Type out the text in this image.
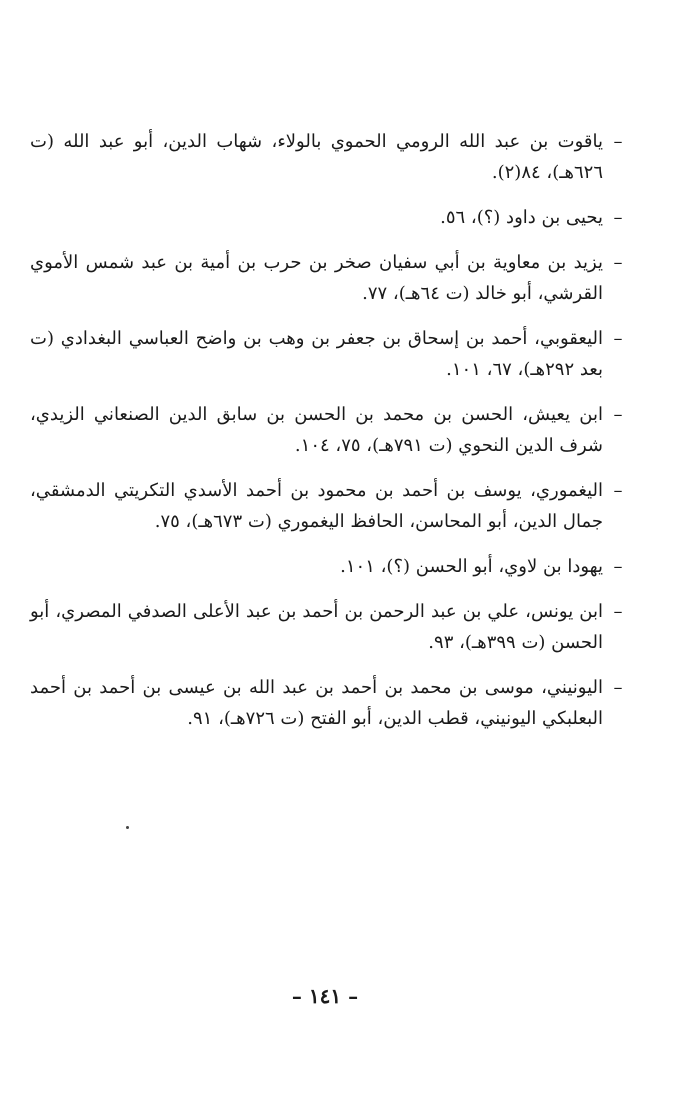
–
ياقوت بن عبد الله الرومي الحموي بالولاء، شهاب الدين، أبو عبد الله (ت ٦٢٦هـ)، ٨٤(٢).
–
يحيى بن داود (؟)، ٥٦.
–
يزيد بن معاوية بن أبي سفيان صخر بن حرب بن أمية بن عبد شمس الأموي القرشي، أبو خالد (ت ٦٤هـ)، ٧٧.
–
اليعقوبي، أحمد بن إسحاق بن جعفر بن وهب بن واضح العباسي البغدادي (ت بعد ٢٩٢هـ)، ٦٧، ١٠١.
–
ابن يعيش، الحسن بن محمد بن الحسن بن سابق الدين الصنعاني الزيدي، شرف الدين النحوي (ت ٧٩١هـ)، ٧٥، ١٠٤.
–
اليغموري، يوسف بن أحمد بن محمود بن أحمد الأسدي التكريتي الدمشقي، جمال الدين، أبو المحاسن، الحافظ اليغموري (ت ٦٧٣هـ)، ٧٥.
–
يهودا بن لاوي، أبو الحسن (؟)، ١٠١.
–
ابن يونس، علي بن عبد الرحمن بن أحمد بن عبد الأعلى الصدفي المصري، أبو الحسن (ت ٣٩٩هـ)، ٩٣.
–
اليونيني، موسى بن محمد بن أحمد بن عبد الله بن عيسى بن أحمد بن أحمد البعلبكي اليونيني، قطب الدين، أبو الفتح (ت ٧٢٦هـ)، ٩١.
– ١٤١ –
